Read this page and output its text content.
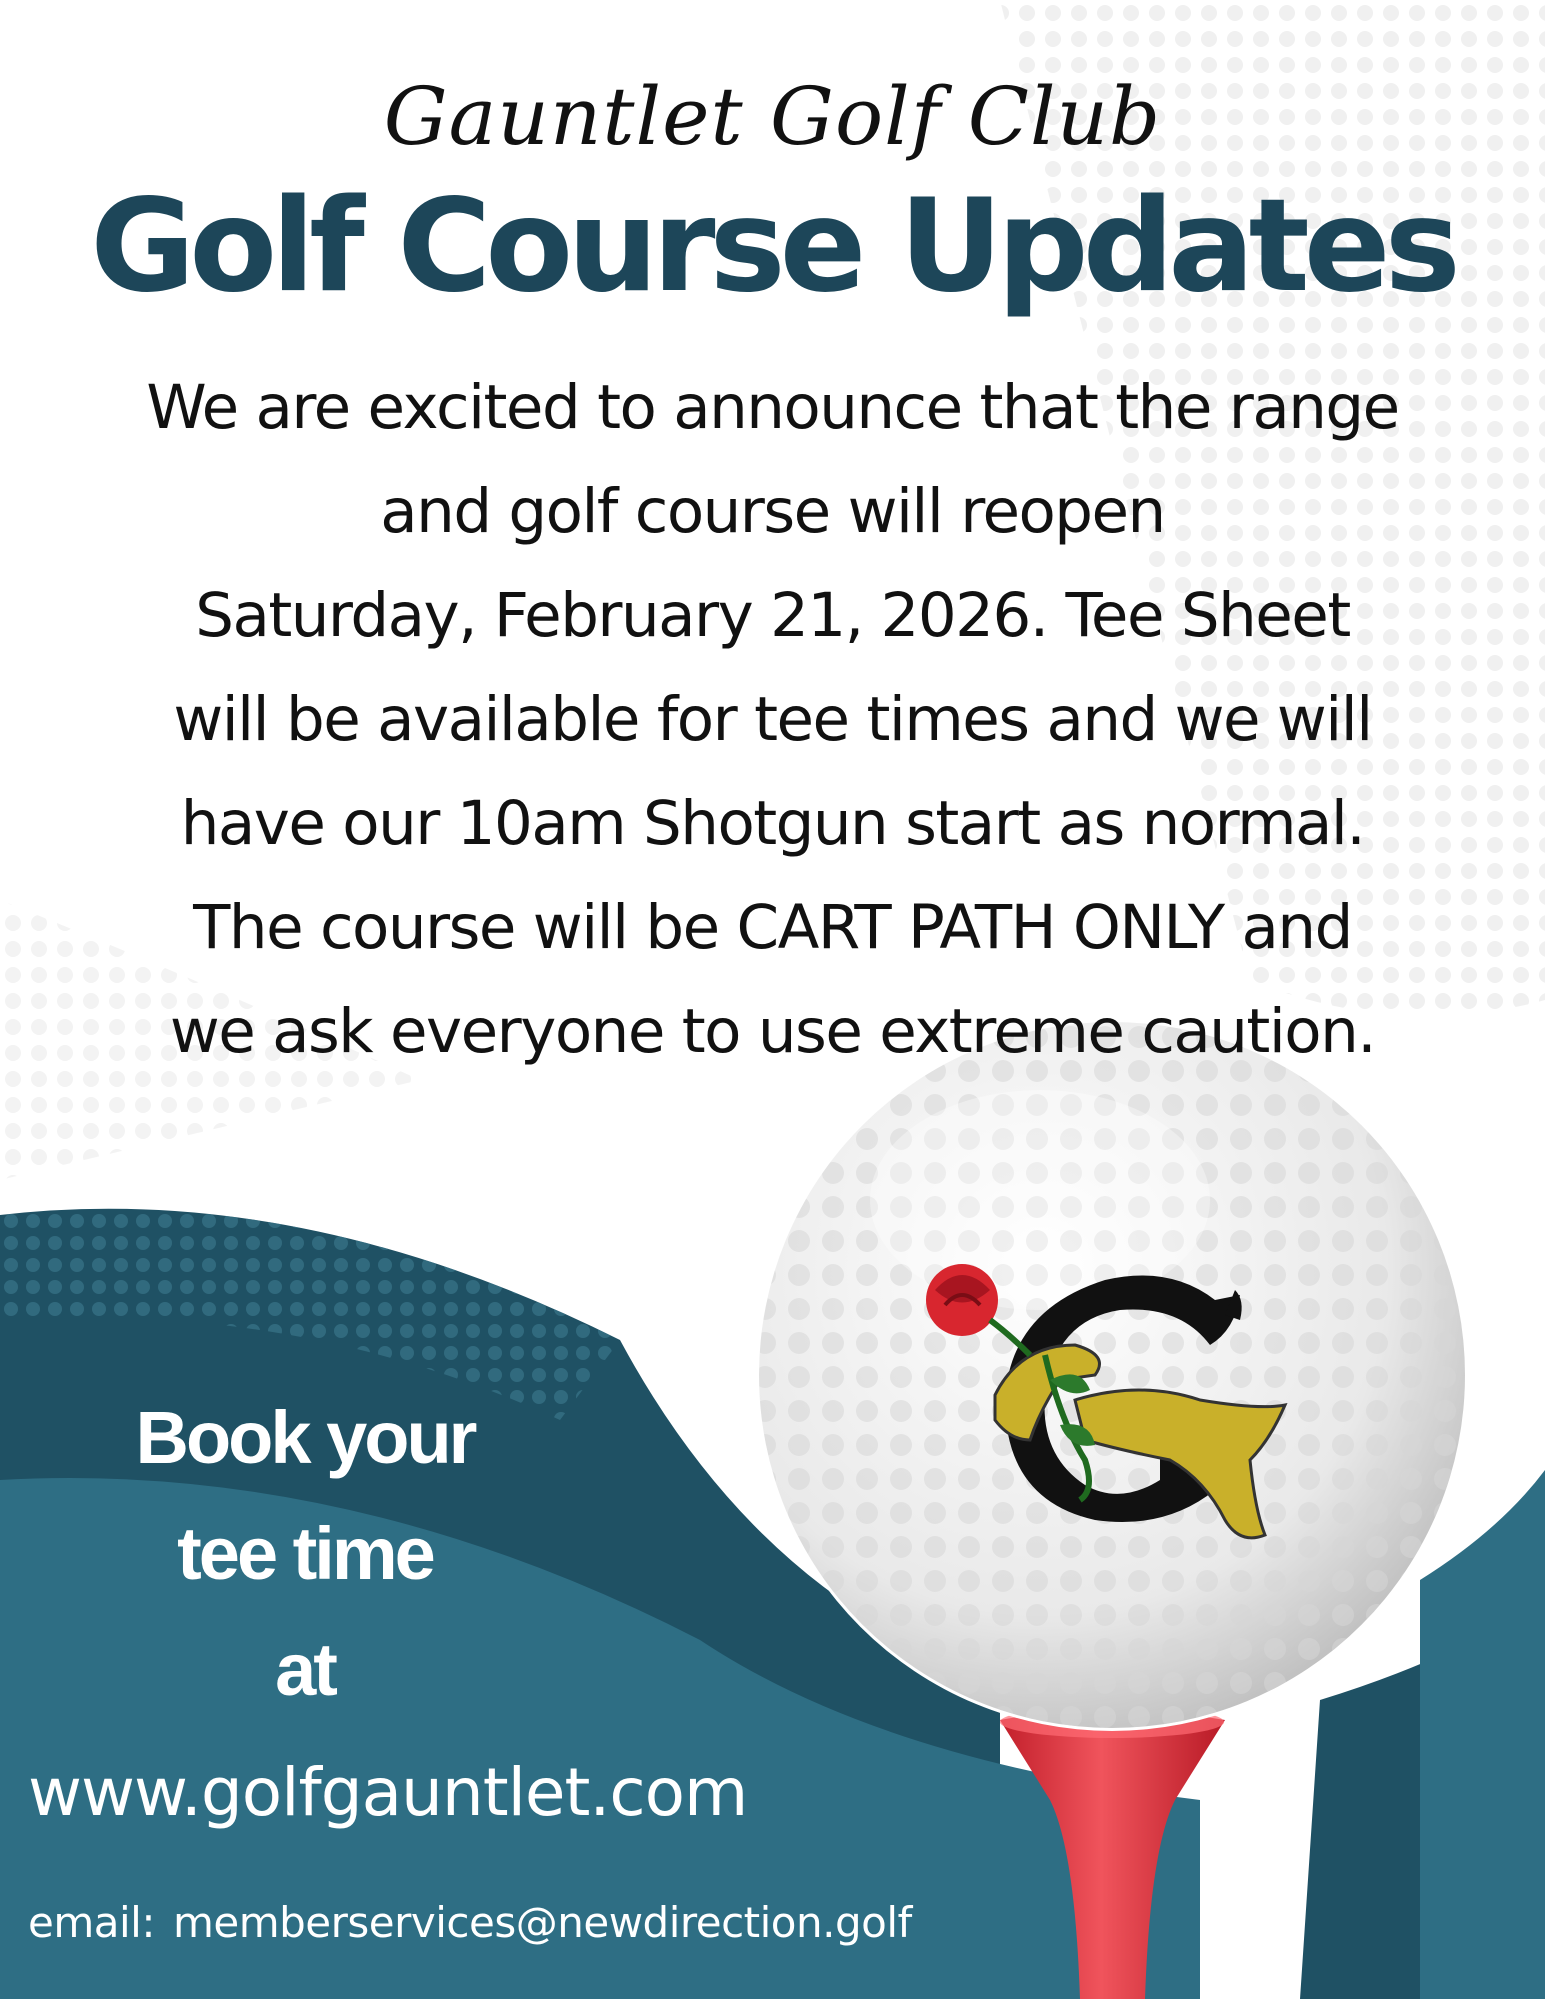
Gauntlet Golf Club
Golf Course Updates

We are excited to announce that the range
and golf course will reopen
Saturday, February 21, 2026. Tee Sheet
will be available for tee times and we will
have our 10am Shotgun start as normal.
The course will be CART PATH ONLY and
we ask everyone to use extreme caution.

Book your
tee time
at
www.golfgauntlet.com
email: memberservices@newdirection.golf
